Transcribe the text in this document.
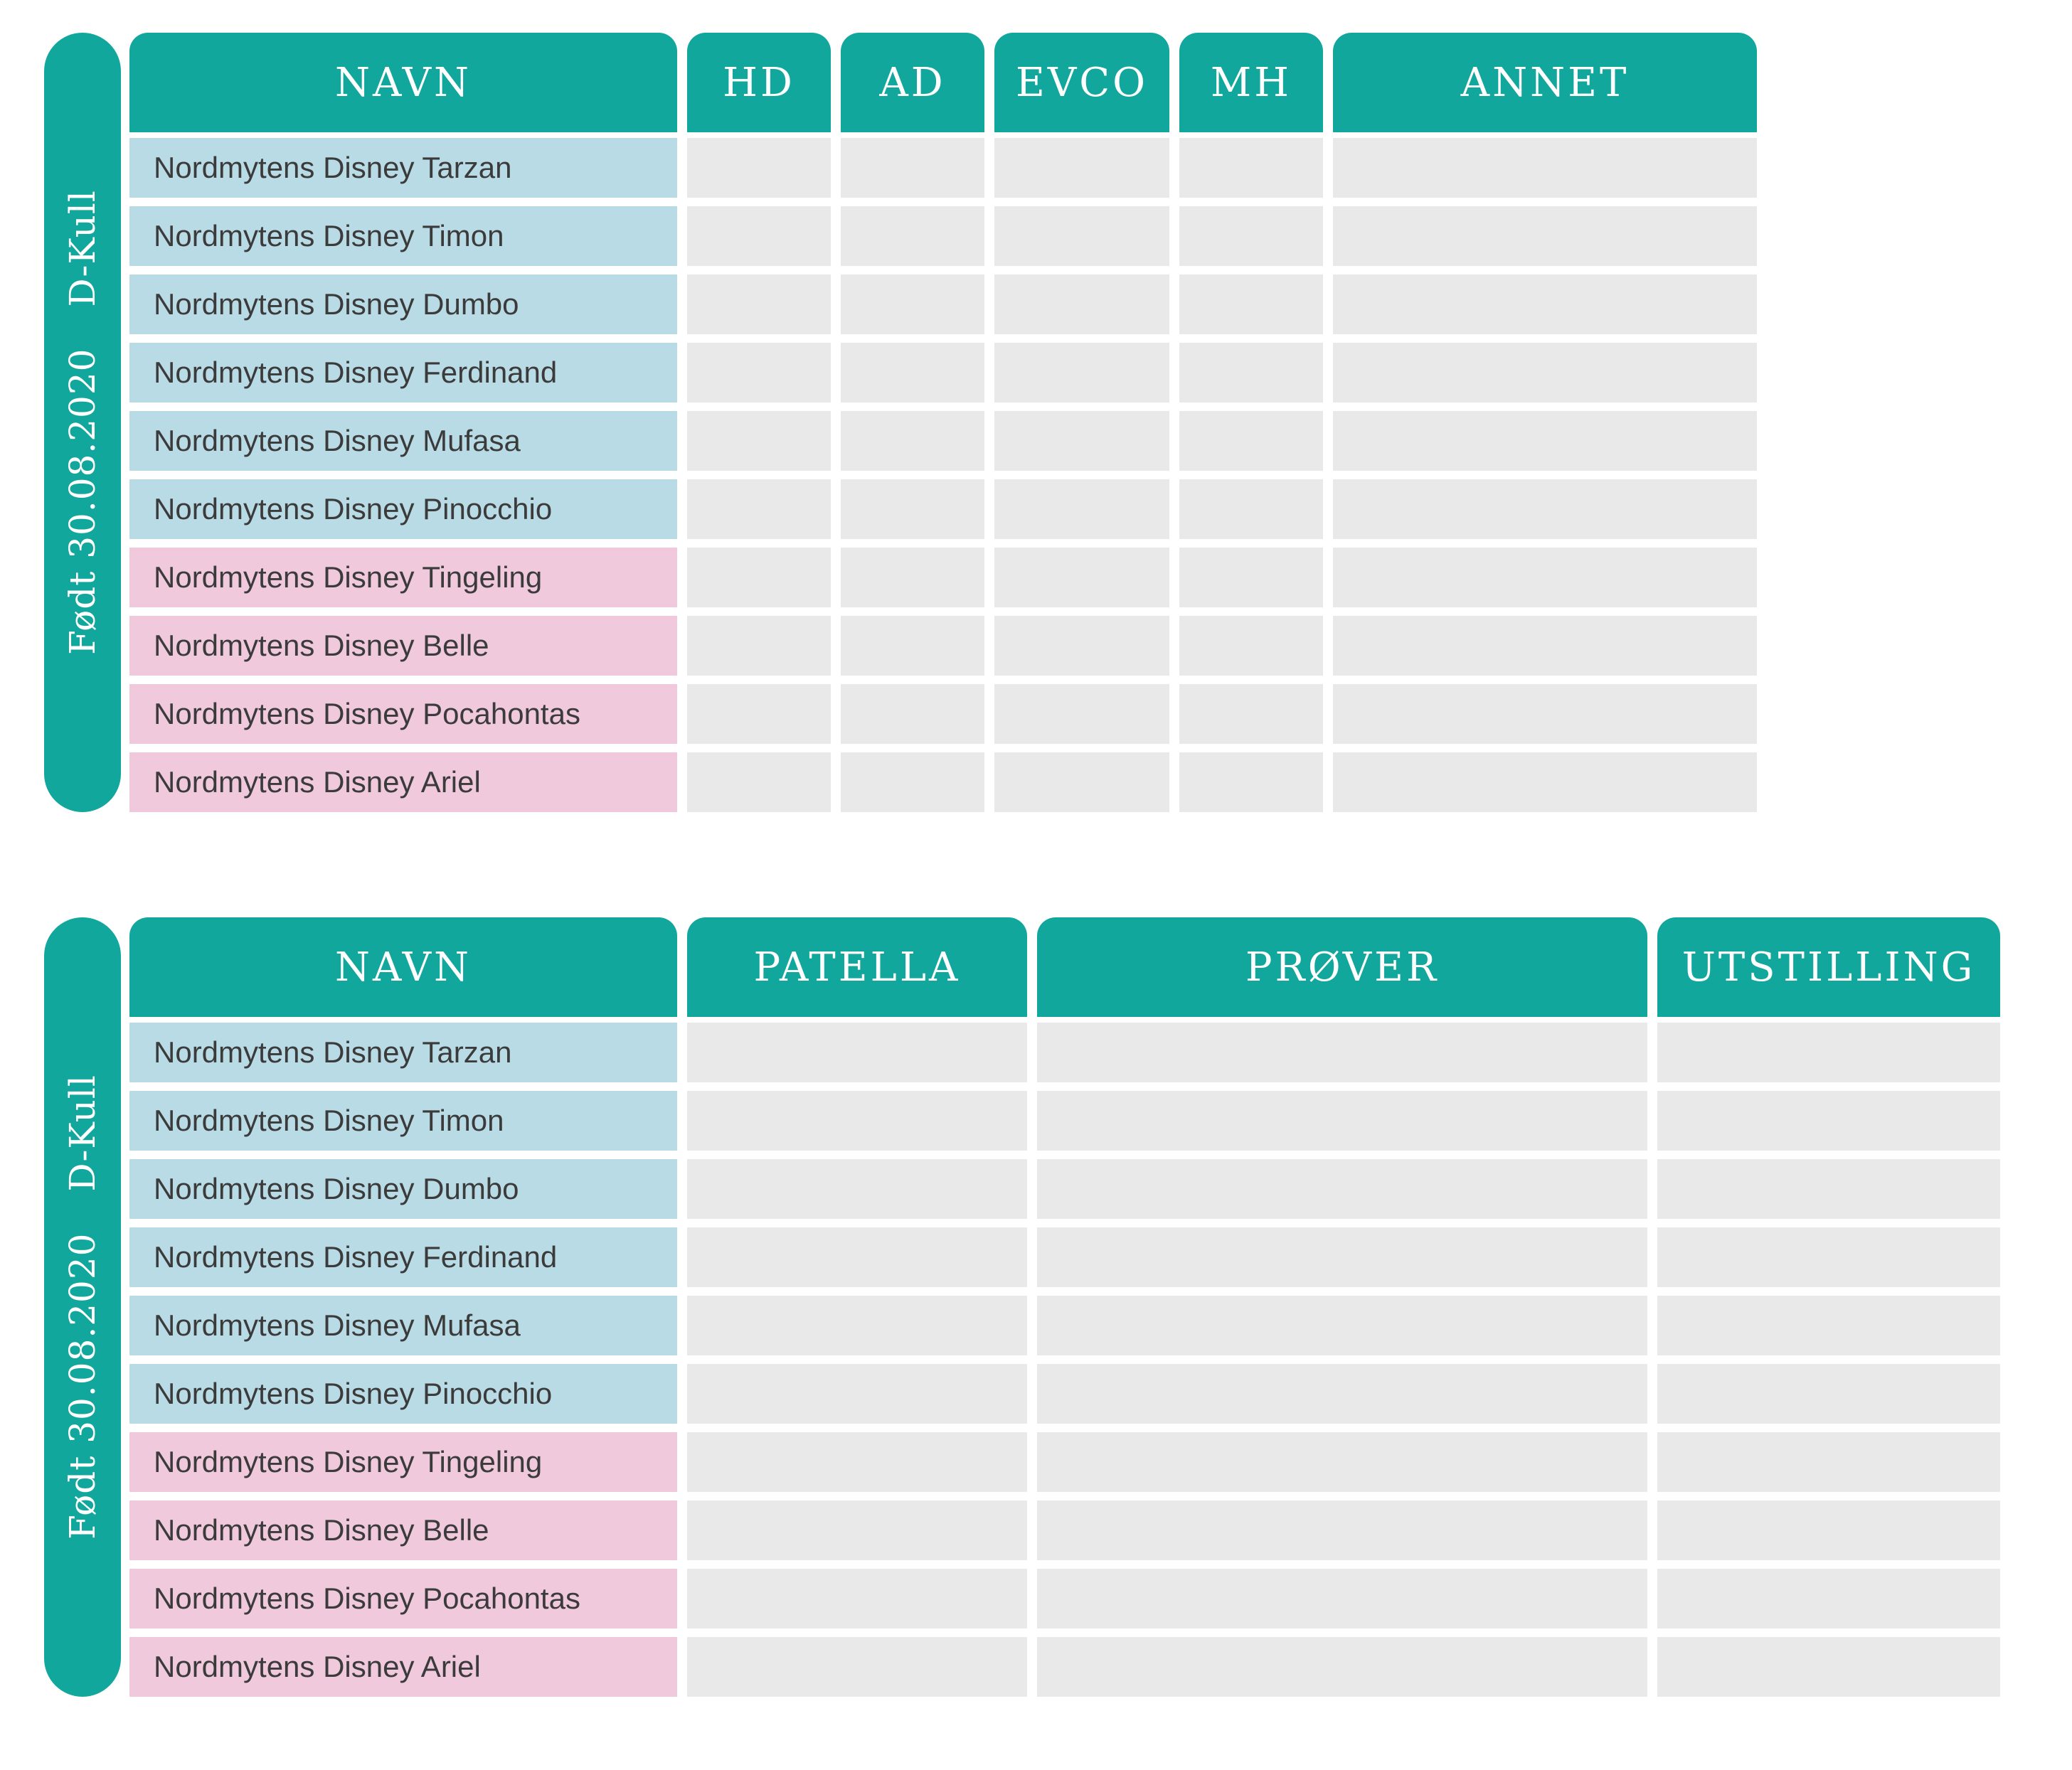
D-Kull
Født 30.08.2020
NAVN	HD	AD	EVCO	MH	ANNET
Nordmytens Disney Tarzan
Nordmytens Disney Timon
Nordmytens Disney Dumbo
Nordmytens Disney Ferdinand
Nordmytens Disney Mufasa
Nordmytens Disney Pinocchio
Nordmytens Disney Tingeling
Nordmytens Disney Belle
Nordmytens Disney Pocahontas
Nordmytens Disney Ariel
D-Kull
Født 30.08.2020
NAVN	PATELLA	PRØVER	UTSTILLING
Nordmytens Disney Tarzan
Nordmytens Disney Timon
Nordmytens Disney Dumbo
Nordmytens Disney Ferdinand
Nordmytens Disney Mufasa
Nordmytens Disney Pinocchio
Nordmytens Disney Tingeling
Nordmytens Disney Belle
Nordmytens Disney Pocahontas
Nordmytens Disney Ariel
